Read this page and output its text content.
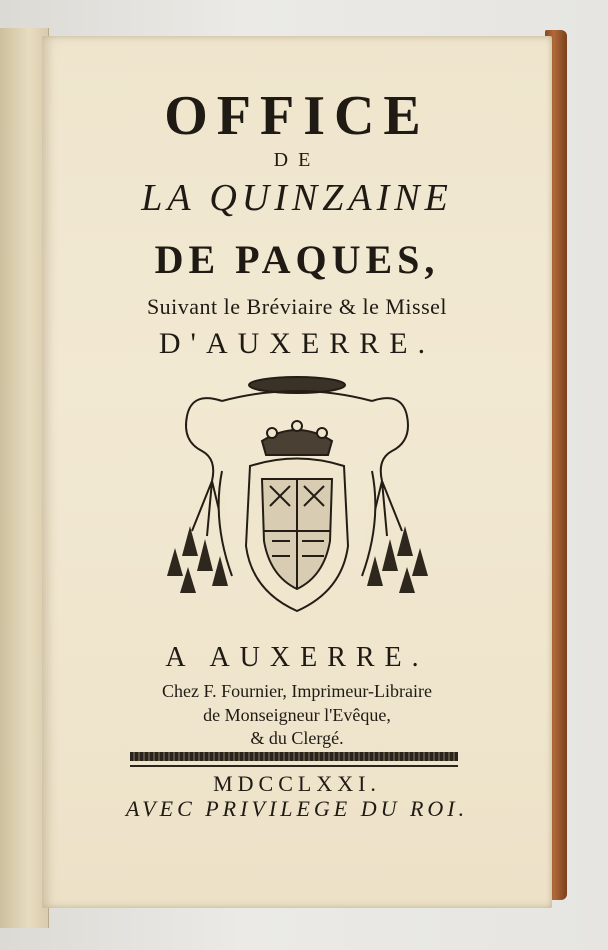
OFFICE
DE
LA QUINZAINE
DE PAQUES,
Suivant le Bréviaire & le Missel
D'AUXERRE.
A AUXERRE.
Chez F. Fournier, Imprimeur-Libraire
de Monseigneur l'Evêque,
& du Clergé.
MDCCLXXI.
AVEC PRIVILEGE DU ROI.
